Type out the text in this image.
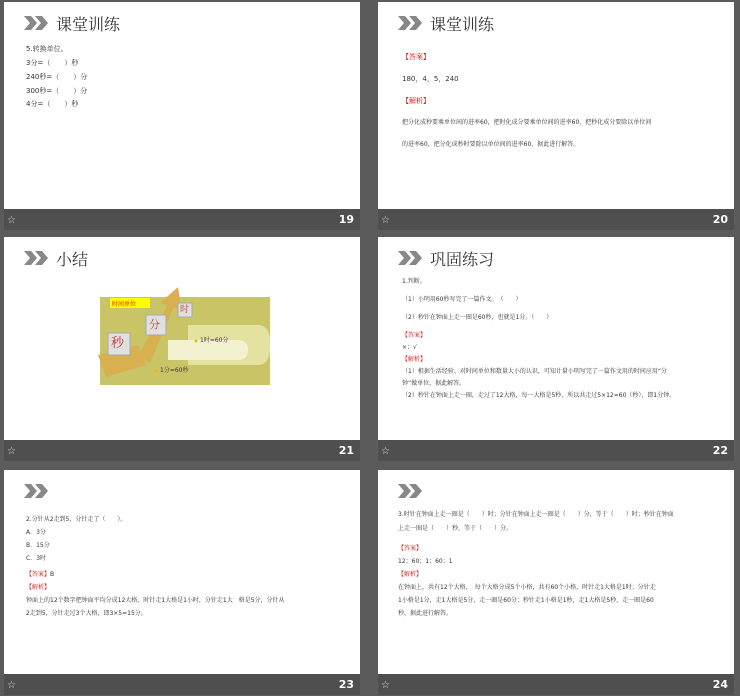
课堂训练
5.转换单位。
3分=（　　）秒
240秒=（　　）分
300秒=（　　）分
4分=（　　）秒
☆	19
课堂训练
【答案】
180，4，5，240
【解析】
把分化成秒要乘单位间的进率60，把时化成分要乘单位间的进率60，把秒化成分要除以单位间
的进率60，把分化成秒时要除以单位间的进率60，据此进行解答。
☆	20
小结
时间单位
秒
分
时
1时=60分
1分=60秒
☆	21
巩固练习
1.判断。
（1）小明用60秒写完了一篇作文。　（　　）
（2）秒针在钟面上走一圈是60秒，也就是1分。（　　）
【答案】
×；√
【解析】
（1）根据生活经验、对时间单位和数量大小的认识，可知计量小明写完了一篇作文用的时间应用“分
钟”做单位，据此解答。
（2）秒针在钟面上走一圈，走过了12大格，每一大格是5秒，所以共走过5×12=60（秒），即1分钟。
☆	22
2.分针从2走到5，分针走了（　　）。
A．3分
B．15分
C．3时
【答案】B
【解析】
钟面上的12个数字把钟面平均分成12大格，时针走1大格是1小时，分针走1大　格是5分，分针从
2走到5，分针走过3个大格，即3×5=15分。
☆	23
3.时针在钟面上走一圈是（　　）时；分针在钟面上走一圈是（　　）分，等于（　　）时；秒针在钟面
上走一圈是（　　）秒，等于（　　）分。
【答案】
12；60；1；60；1
【解析】
在钟面上，共有12个大格，　每个大格分成5个小格，共有60个小格，时针走1大格是1时；分针走
1小格是1分，走1大格是5分，走一圈是60分；秒针走1小格是1秒，走1大格是5秒，走一圈是60
秒，据此进行解答。
☆	24
